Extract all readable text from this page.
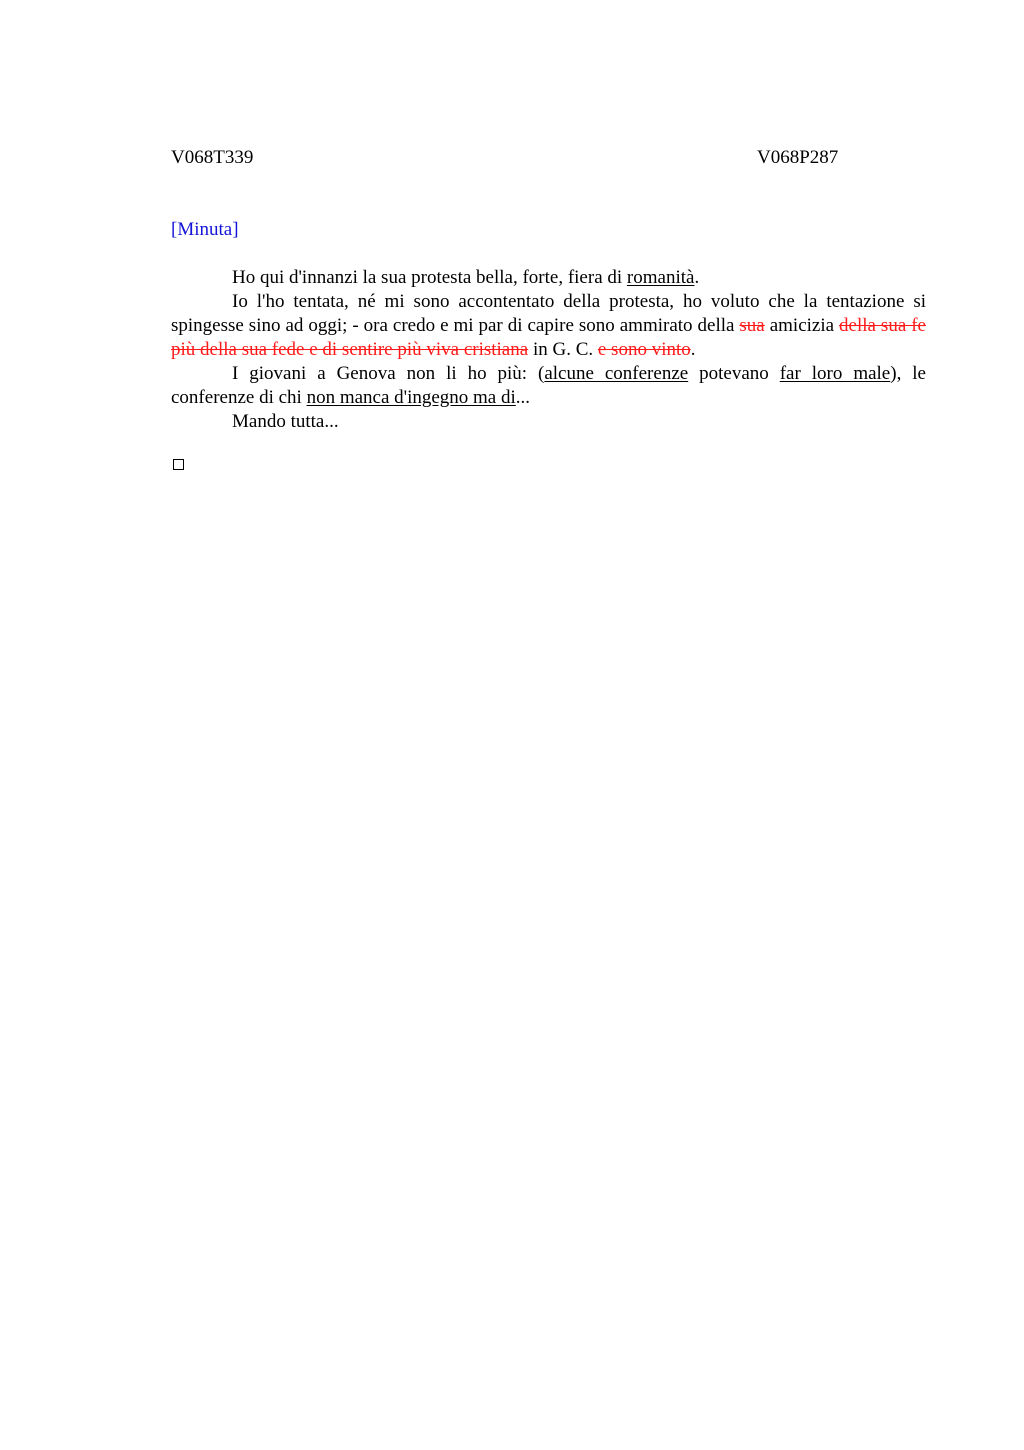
V068T339	V068P287
[Minuta]

Ho qui d'innanzi la sua protesta bella, forte, fiera di romanità.

Io l'ho tentata, né mi sono accontentato della protesta, ho voluto che la tentazione si spingesse sino ad oggi; - ora credo e mi par di capire sono ammirato della sua amicizia della sua fe più della sua fede e di sentire più viva cristiana in G. C. e sono vinto.

I giovani a Genova non li ho più: (alcune conferenze potevano far loro male), le conferenze di chi non manca d'ingegno ma di...

Mando tutta...
